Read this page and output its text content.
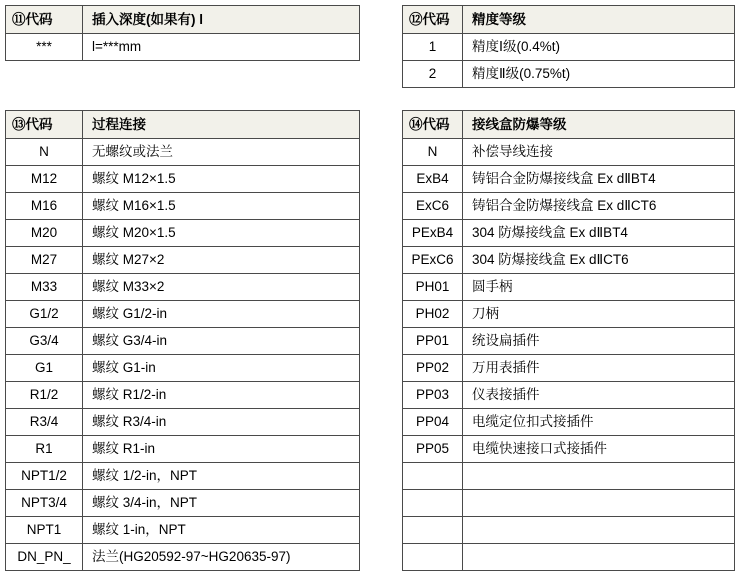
⑪代码	插入深度(如果有) l
***	l=***mm
⑫代码	精度等级
1	精度Ⅰ级(0.4%t)
2	精度Ⅱ级(0.75%t)
⑬代码	过程连接
N	无螺纹或法兰
M12	螺纹 M12×1.5
M16	螺纹 M16×1.5
M20	螺纹 M20×1.5
M27	螺纹 M27×2
M33	螺纹 M33×2
G1/2	螺纹 G1/2-in
G3/4	螺纹 G3/4-in
G1	螺纹 G1-in
R1/2	螺纹 R1/2-in
R3/4	螺纹 R3/4-in
R1	螺纹 R1-in
NPT1/2	螺纹 1/2-in，NPT
NPT3/4	螺纹 3/4-in，NPT
NPT1	螺纹 1-in，NPT
DN_PN_	法兰(HG20592-97~HG20635-97)
⑭代码	接线盒防爆等级
N	补偿导线连接
ExB4	铸铝合金防爆接线盒 Ex dⅡBT4
ExC6	铸铝合金防爆接线盒 Ex dⅡCT6
PExB4	304 防爆接线盒 Ex dⅡBT4
PExC6	304 防爆接线盒 Ex dⅡCT6
PH01	圆手柄
PH02	刀柄
PP01	统设扁插件
PP02	万用表插件
PP03	仪表接插件
PP04	电缆定位扣式接插件
PP05	电缆快速接口式接插件
